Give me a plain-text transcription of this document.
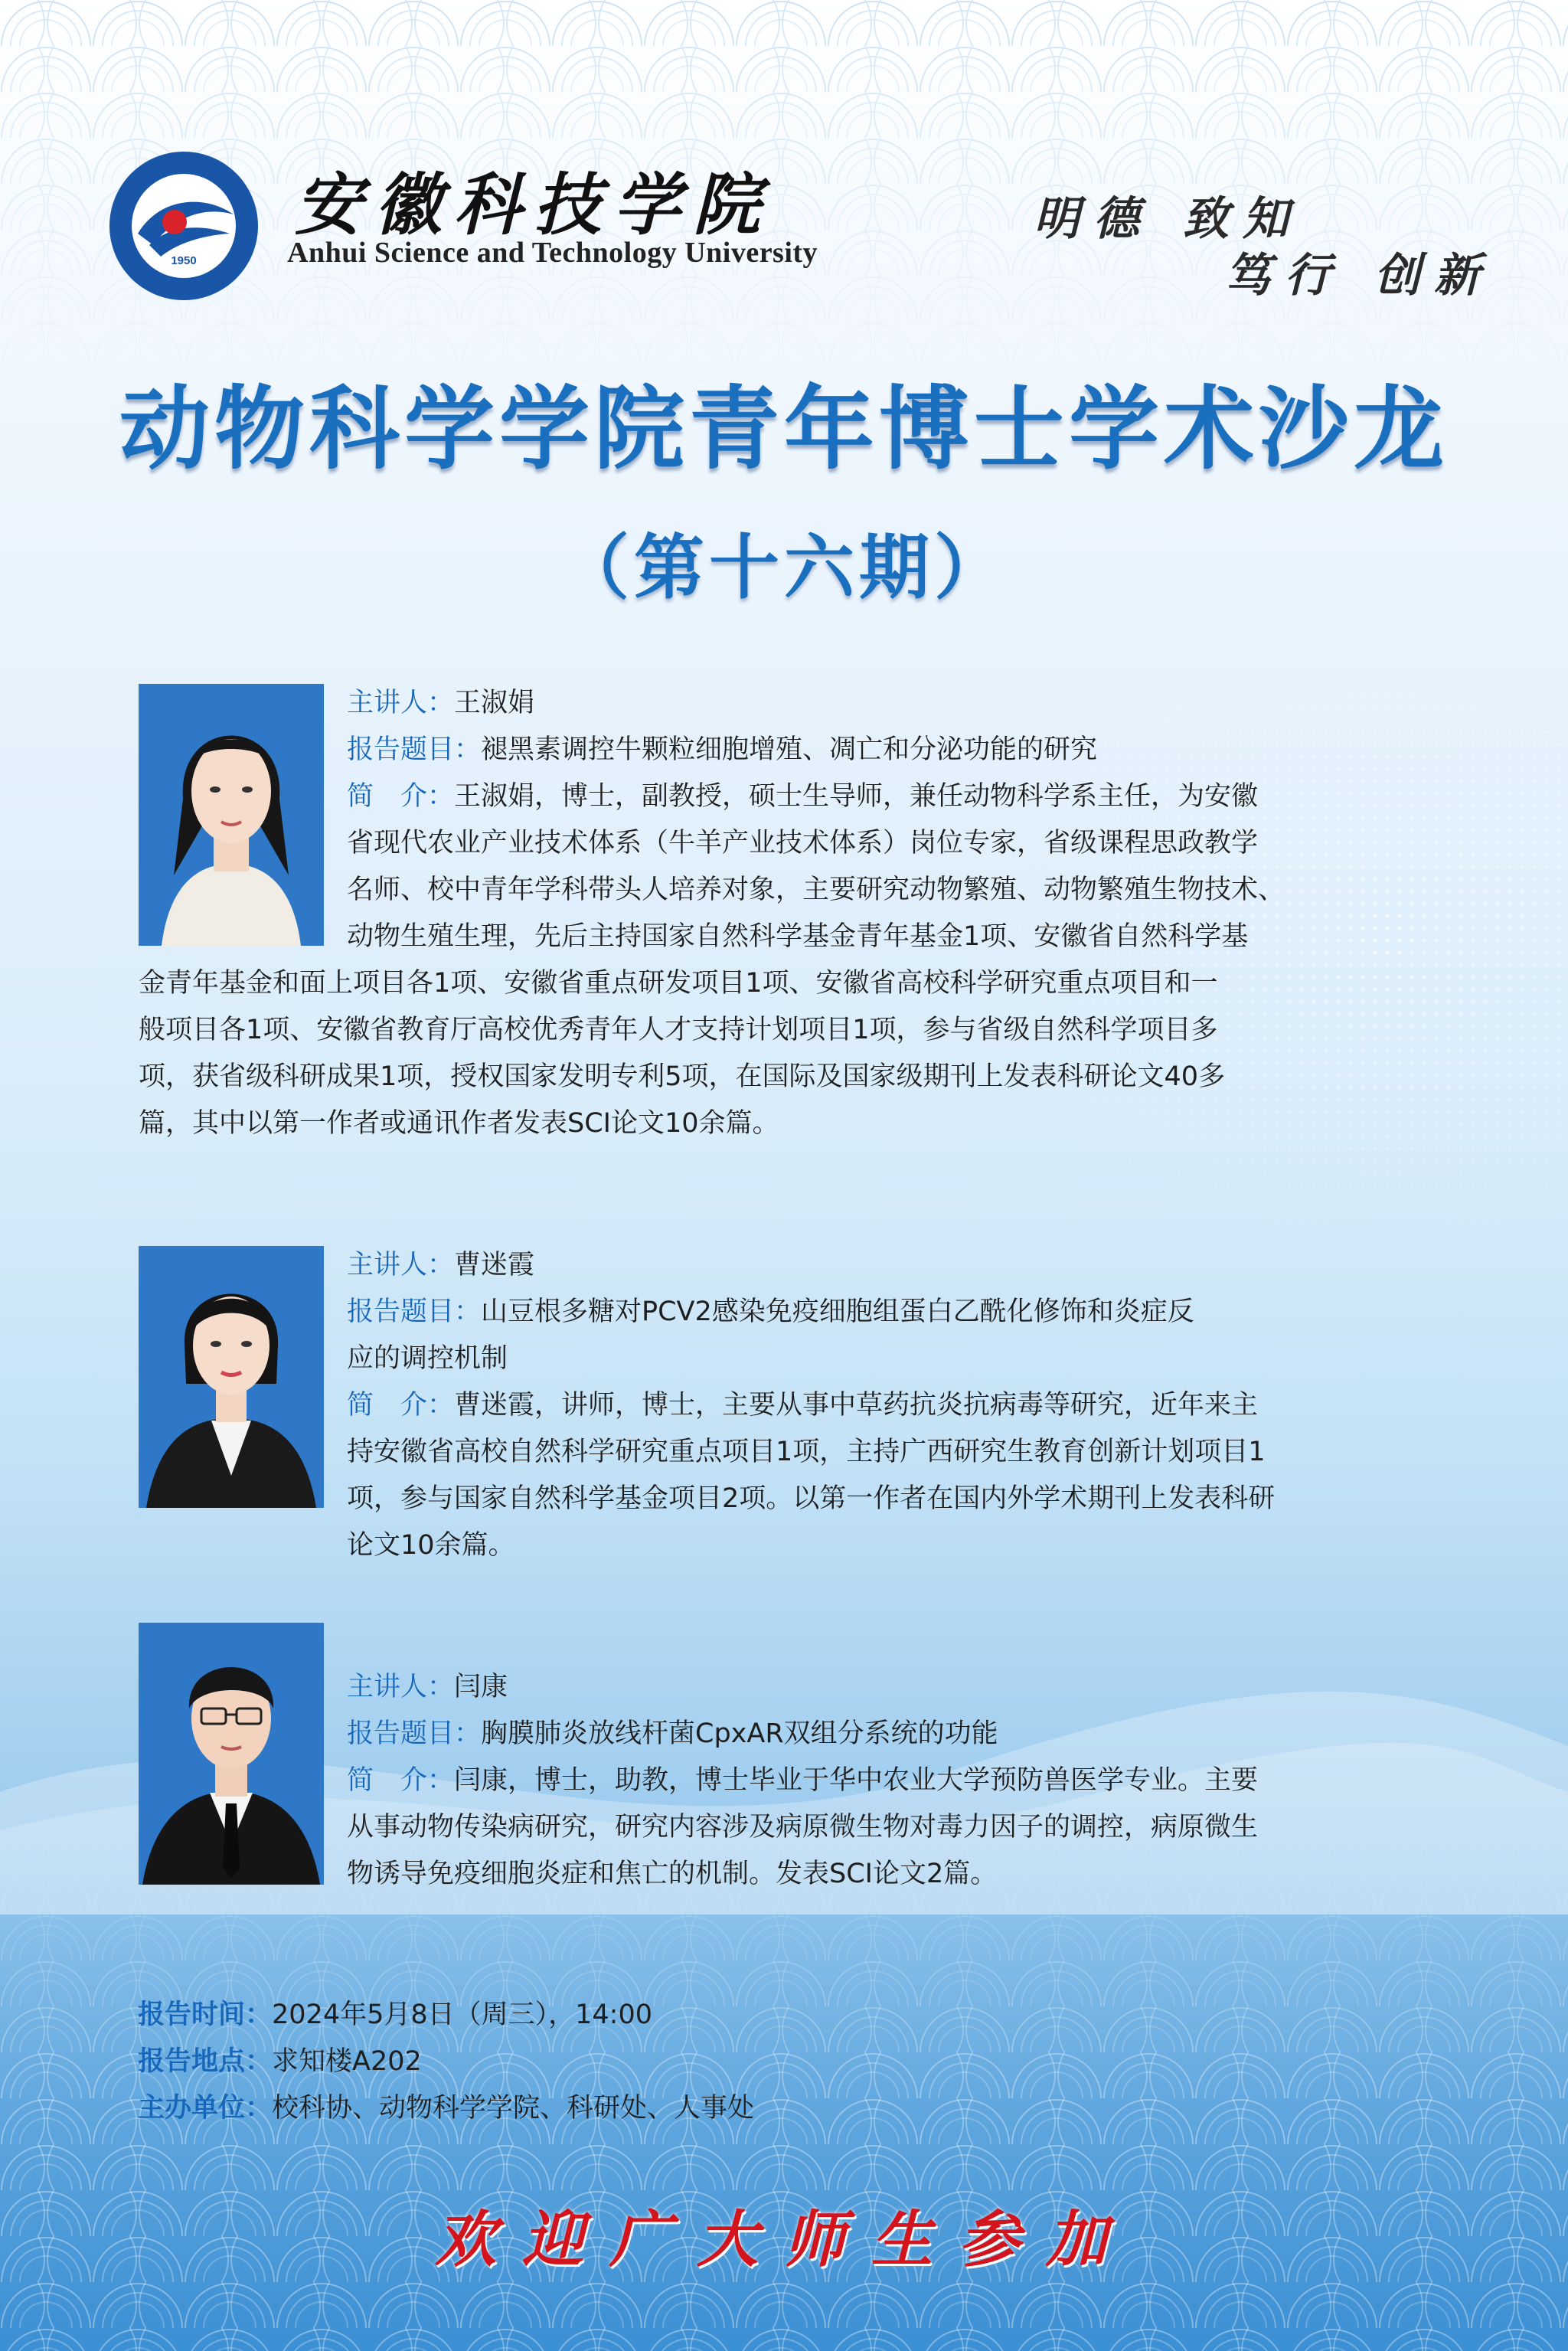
1950
安徽科技学院
Anhui Science and Technology University
明德 致知
笃行 创新
动物科学学院青年博士学术沙龙
（第十六期）
主讲人：王淑娟
报告题目：褪黑素调控牛颗粒细胞增殖、凋亡和分泌功能的研究
简　介：王淑娟，博士，副教授，硕士生导师，兼任动物科学系主任，为安徽
省现代农业产业技术体系（牛羊产业技术体系）岗位专家，省级课程思政教学
名师、校中青年学科带头人培养对象，主要研究动物繁殖、动物繁殖生物技术、
动物生殖生理，先后主持国家自然科学基金青年基金1项、安徽省自然科学基
金青年基金和面上项目各1项、安徽省重点研发项目1项、安徽省高校科学研究重点项目和一
般项目各1项、安徽省教育厅高校优秀青年人才支持计划项目1项，参与省级自然科学项目多
项，获省级科研成果1项，授权国家发明专利5项，在国际及国家级期刊上发表科研论文40多
篇，其中以第一作者或通讯作者发表SCI论文10余篇。
主讲人：曹迷霞
报告题目：山豆根多糖对PCV2感染免疫细胞组蛋白乙酰化修饰和炎症反
应的调控机制
简　介：曹迷霞，讲师，博士，主要从事中草药抗炎抗病毒等研究，近年来主
持安徽省高校自然科学研究重点项目1项，主持广西研究生教育创新计划项目1
项，参与国家自然科学基金项目2项。以第一作者在国内外学术期刊上发表科研
论文10余篇。
主讲人：闫康
报告题目：胸膜肺炎放线杆菌CpxAR双组分系统的功能
简　介：闫康，博士，助教，博士毕业于华中农业大学预防兽医学专业。主要
从事动物传染病研究，研究内容涉及病原微生物对毒力因子的调控，病原微生
物诱导免疫细胞炎症和焦亡的机制。发表SCI论文2篇。
报告时间：2024年5月8日（周三），14:00
报告地点：求知楼A202
主办单位：校科协、动物科学学院、科研处、人事处
欢迎广大师生参加
